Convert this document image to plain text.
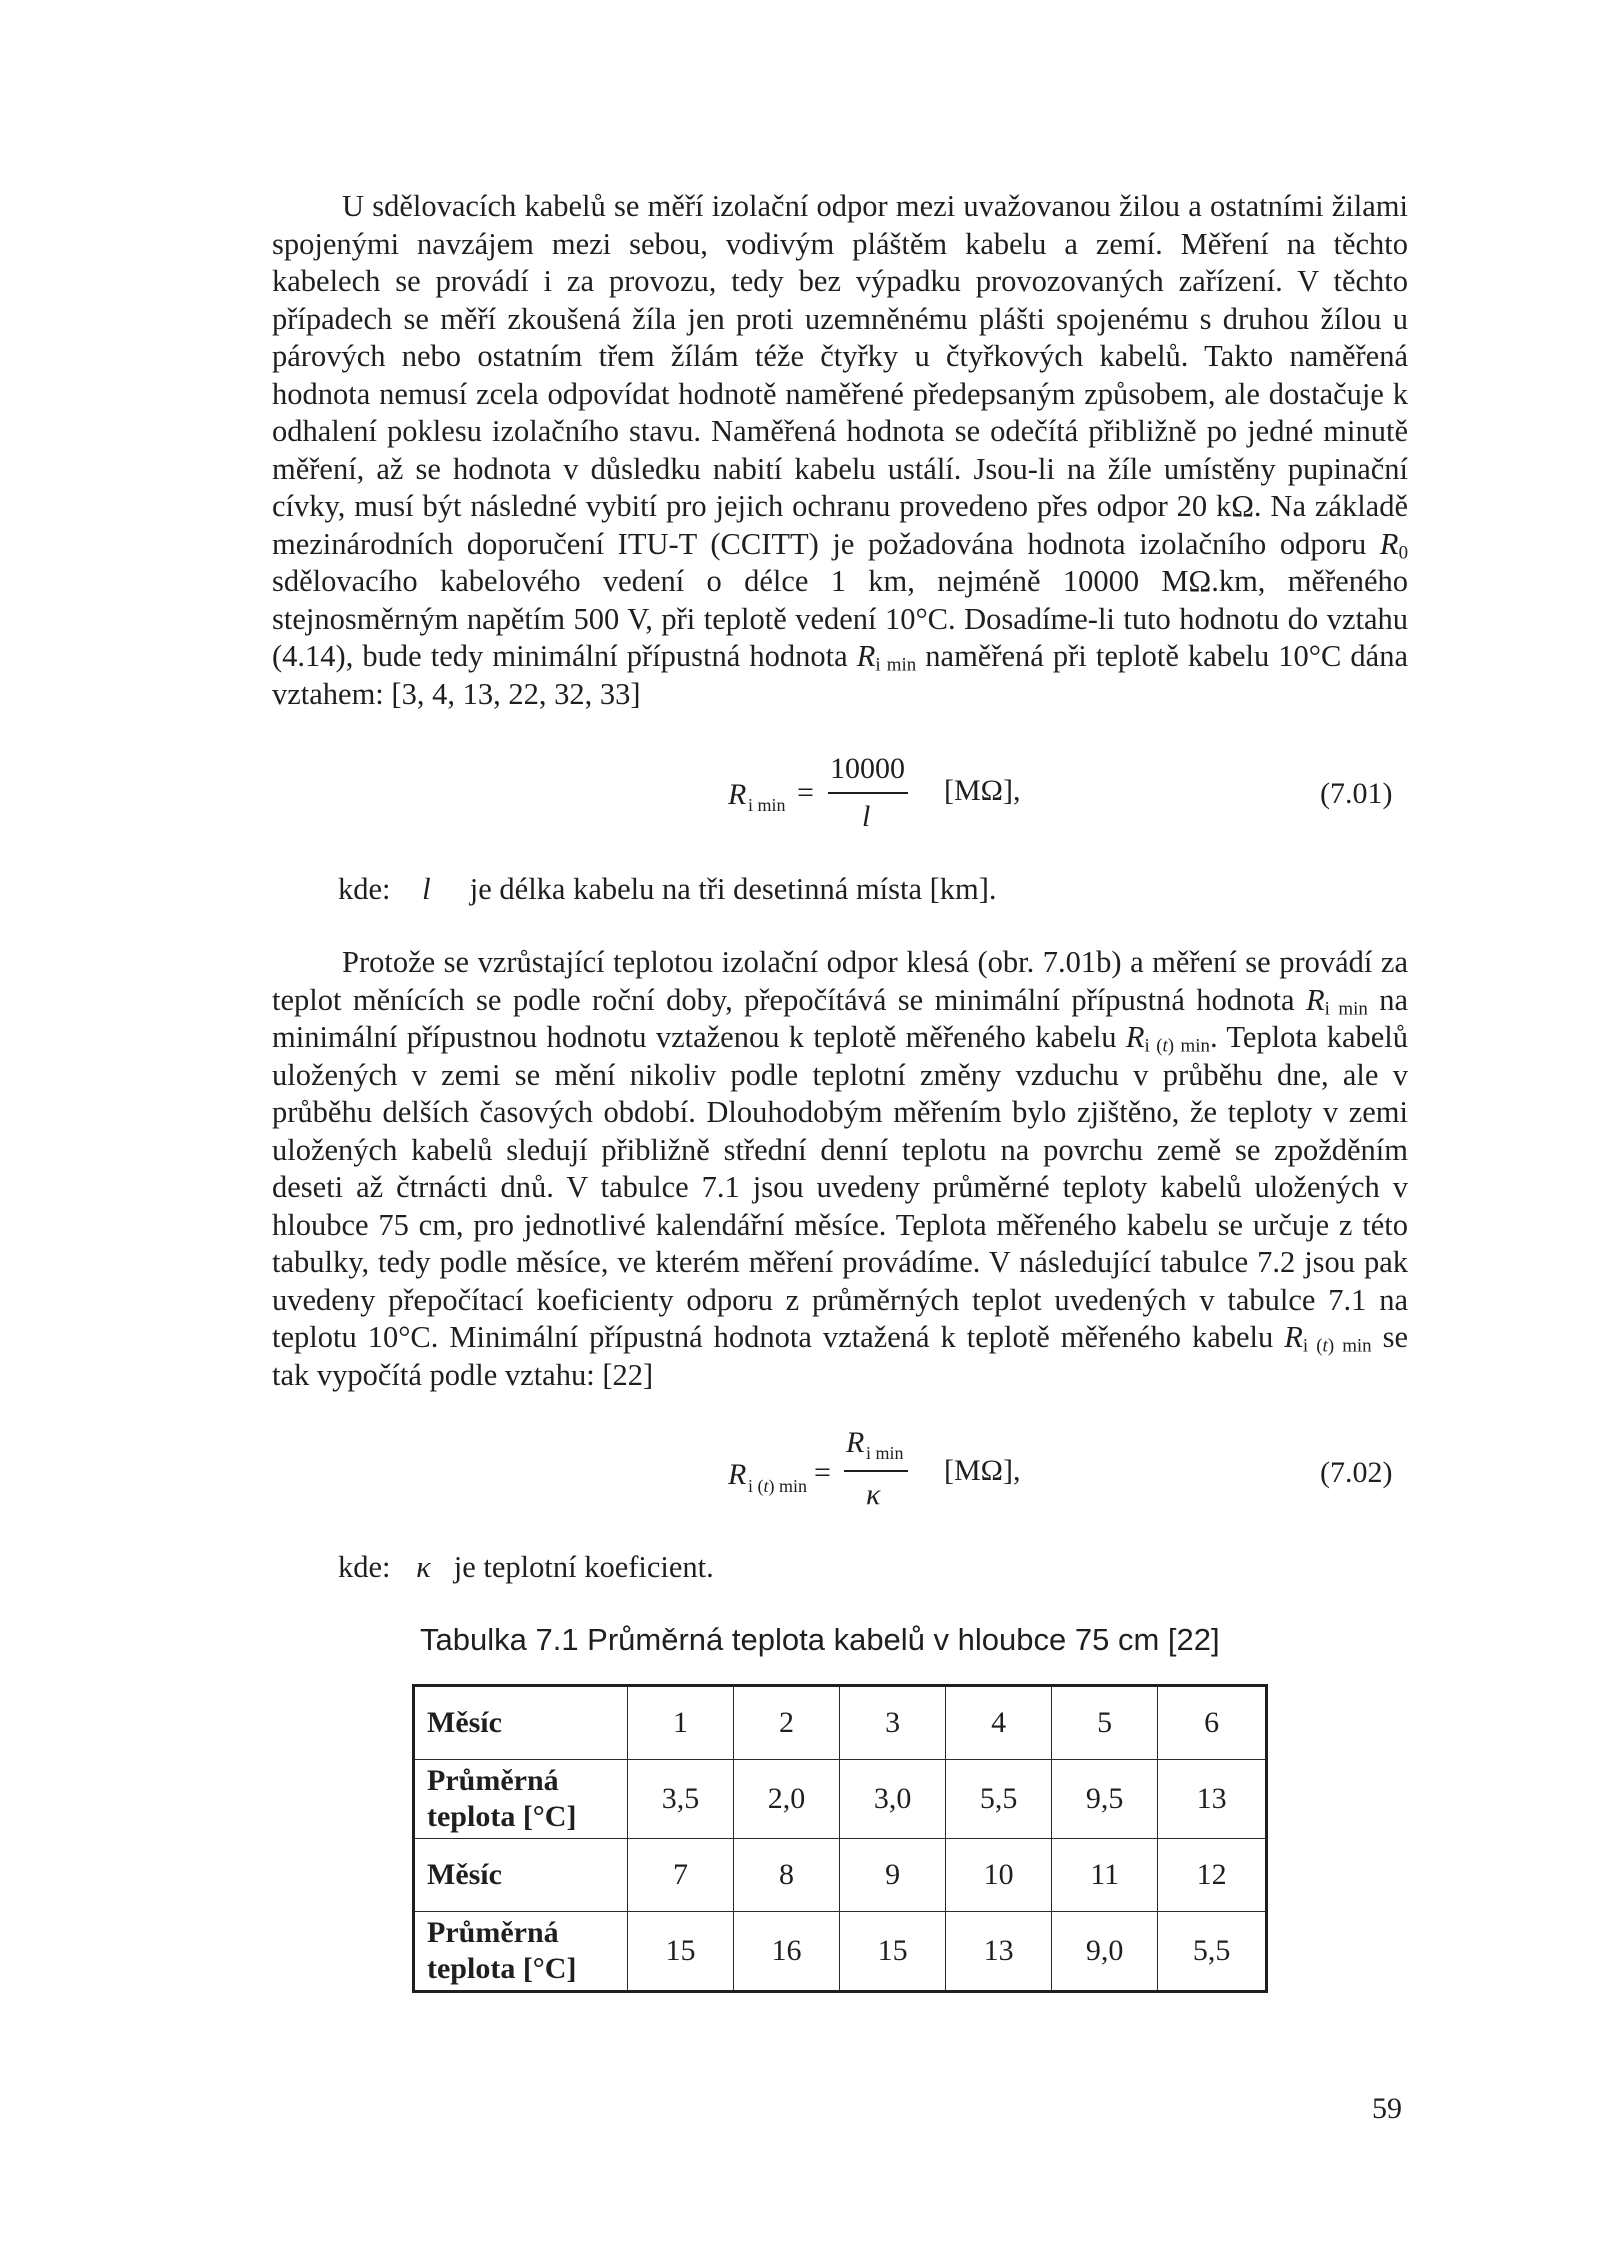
U sdělovacích kabelů se měří izolační odpor mezi uvažovanou žilou a ostatními žilami spojenými navzájem mezi sebou, vodivým pláštěm kabelu a zemí. Měření na těchto kabelech se provádí i za provozu, tedy bez výpadku provozovaných zařízení. V těchto případech se měří zkoušená žíla jen proti uzemněnému plášti spojenému s druhou žílou u párových nebo ostatním třem žílám téže čtyřky u čtyřkových kabelů. Takto naměřená hodnota nemusí zcela odpovídat hodnotě naměřené předepsaným způsobem, ale dostačuje k odhalení poklesu izolačního stavu. Naměřená hodnota se odečítá přibližně po jedné minutě měření, až se hodnota v důsledku nabití kabelu ustálí. Jsou-li na žíle umístěny pupinační cívky, musí být následné vybití pro jejich ochranu provedeno přes odpor 20 kΩ. Na základě mezinárodních doporučení ITU-T (CCITT) je požadována hodnota izolačního odporu $R_0$ sdělovacího kabelového vedení o délce 1 km, nejméně 10000 MΩ.km, měřeného stejnosměrným napětím 500 V, při teplotě vedení 10°C. Dosadíme-li tuto hodnotu do vztahu (4.14), bude tedy minimální přípustná hodnota $R_{i min}$ naměřená při teplotě kabelu 10°C dána vztahem: [3, 4, 13, 22, 32, 33]

R i min =
10000
l
[MΩ],	(7.01)
kde: l je délka kabelu na tři desetinná místa [km].

Protože se vzrůstající teplotou izolační odpor klesá (obr. 7.01b) a měření se provádí za teplot měnících se podle roční doby, přepočítává se minimální přípustná hodnota $R_{i min}$ na minimální přípustnou hodnotu vztaženou k teplotě měřeného kabelu $R_{i (t) min}$. Teplota kabelů uložených v zemi se mění nikoliv podle teplotní změny vzduchu v průběhu dne, ale v průběhu delších časových období. Dlouhodobým měřením bylo zjištěno, že teploty v zemi uložených kabelů sledují přibližně střední denní teplotu na povrchu země se zpožděním deseti až čtrnácti dnů. V tabulce 7.1 jsou uvedeny průměrné teploty kabelů uložených v hloubce 75 cm, pro jednotlivé kalendářní měsíce. Teplota měřeného kabelu se určuje z této tabulky, tedy podle měsíce, ve kterém měření provádíme. V následující tabulce 7.2 jsou pak uvedeny přepočítací koeficienty odporu z průměrných teplot uvedených v tabulce 7.1 na teplotu 10°C. Minimální přípustná hodnota vztažená k teplotě měřeného kabelu $R_{i (t) min}$ se tak vypočítá podle vztahu: [22]

R i (t) min =
R i min
κ
[MΩ],	(7.02)
kde: κ je teplotní koeficient.
Tabulka 7.1 Průměrná teplota kabelů v hloubce 75 cm [22]
Měsíc	1	2	3	4	5	6
Průměrná
teplota [°C]	3,5	2,0	3,0	5,5	9,5	13
Měsíc	7	8	9	10	11	12
Průměrná
teplota [°C]	15	16	15	13	9,0	5,5
59
